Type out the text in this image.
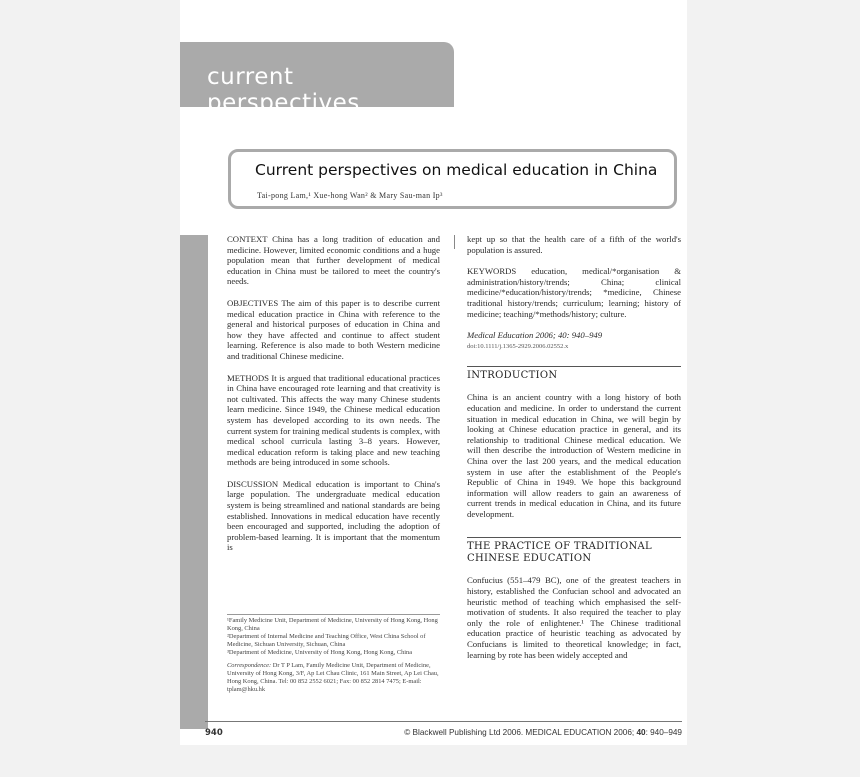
current perspectives
Current perspectives on medical education in China
Tai-pong Lam,¹ Xue-hong Wan² & Mary Sau-man Ip³

CONTEXT China has a long tradition of education and medicine. However, limited economic conditions and a huge population mean that further development of medical education in China must be tailored to meet the country's needs.

OBJECTIVES The aim of this paper is to describe current medical education practice in China with reference to the general and historical purposes of education in China and how they have affected and continue to affect student learning. Reference is also made to both Western medicine and traditional Chinese medicine.

METHODS It is argued that traditional educational practices in China have encouraged rote learning and that creativity is not cultivated. This affects the way many Chinese students learn medicine. Since 1949, the Chinese medical education system has developed according to its own needs. The current system for training medical students is complex, with medical school curricula lasting 3–8 years. However, medical education reform is taking place and new teaching methods are being introduced in some schools.

DISCUSSION Medical education is important to China's large population. The undergraduate medical education system is being streamlined and national standards are being established. Innovations in medical education have recently been encouraged and supported, including the adoption of problem-based learning. It is important that the momentum is

kept up so that the health care of a fifth of the world's population is assured.

KEYWORDS education, medical/*organisation & administration/history/trends; China; clinical medicine/*education/history/trends; *medicine, Chinese traditional history/trends; curriculum; learning; history of medicine; teaching/*methods/history; culture.

Medical Education 2006; 40: 940–949

doi:10.1111/j.1365-2929.2006.02552.x

INTRODUCTION

China is an ancient country with a long history of both education and medicine. In order to understand the current situation in medical education in China, we will begin by looking at Chinese education practice in general, and its relationship to traditional Chinese medical education. We will then describe the introduction of Western medicine in China over the last 200 years, and the medical education system in use after the establishment of the People's Republic of China in 1949. We hope this background information will allow readers to gain an awareness of current trends in medical education in China, and its future development.

THE PRACTICE OF TRADITIONAL CHINESE EDUCATION

Confucius (551–479 BC), one of the greatest teachers in history, established the Confucian school and advocated an heuristic method of teaching which emphasised the self-motivation of students. It also required the teacher to play only the role of enlightener.¹ The Chinese traditional education practice of heuristic teaching as advocated by Confucians is limited to theoretical knowledge; in fact, learning by rote has been widely accepted and

¹Family Medicine Unit, Department of Medicine, University of Hong Kong, Hong Kong, China

²Department of Internal Medicine and Teaching Office, West China School of Medicine, Sichuan University, Sichuan, China

³Department of Medicine, University of Hong Kong, Hong Kong, China

Correspondence: Dr T P Lam, Family Medicine Unit, Department of Medicine, University of Hong Kong, 3/F, Ap Lei Chau Clinic, 161 Main Street, Ap Lei Chau, Hong Kong, China. Tel: 00 852 2552 6021; Fax: 00 852 2814 7475; E-mail: tplam@hku.hk

940	© Blackwell Publishing Ltd 2006. MEDICAL EDUCATION 2006; 40: 940–949
